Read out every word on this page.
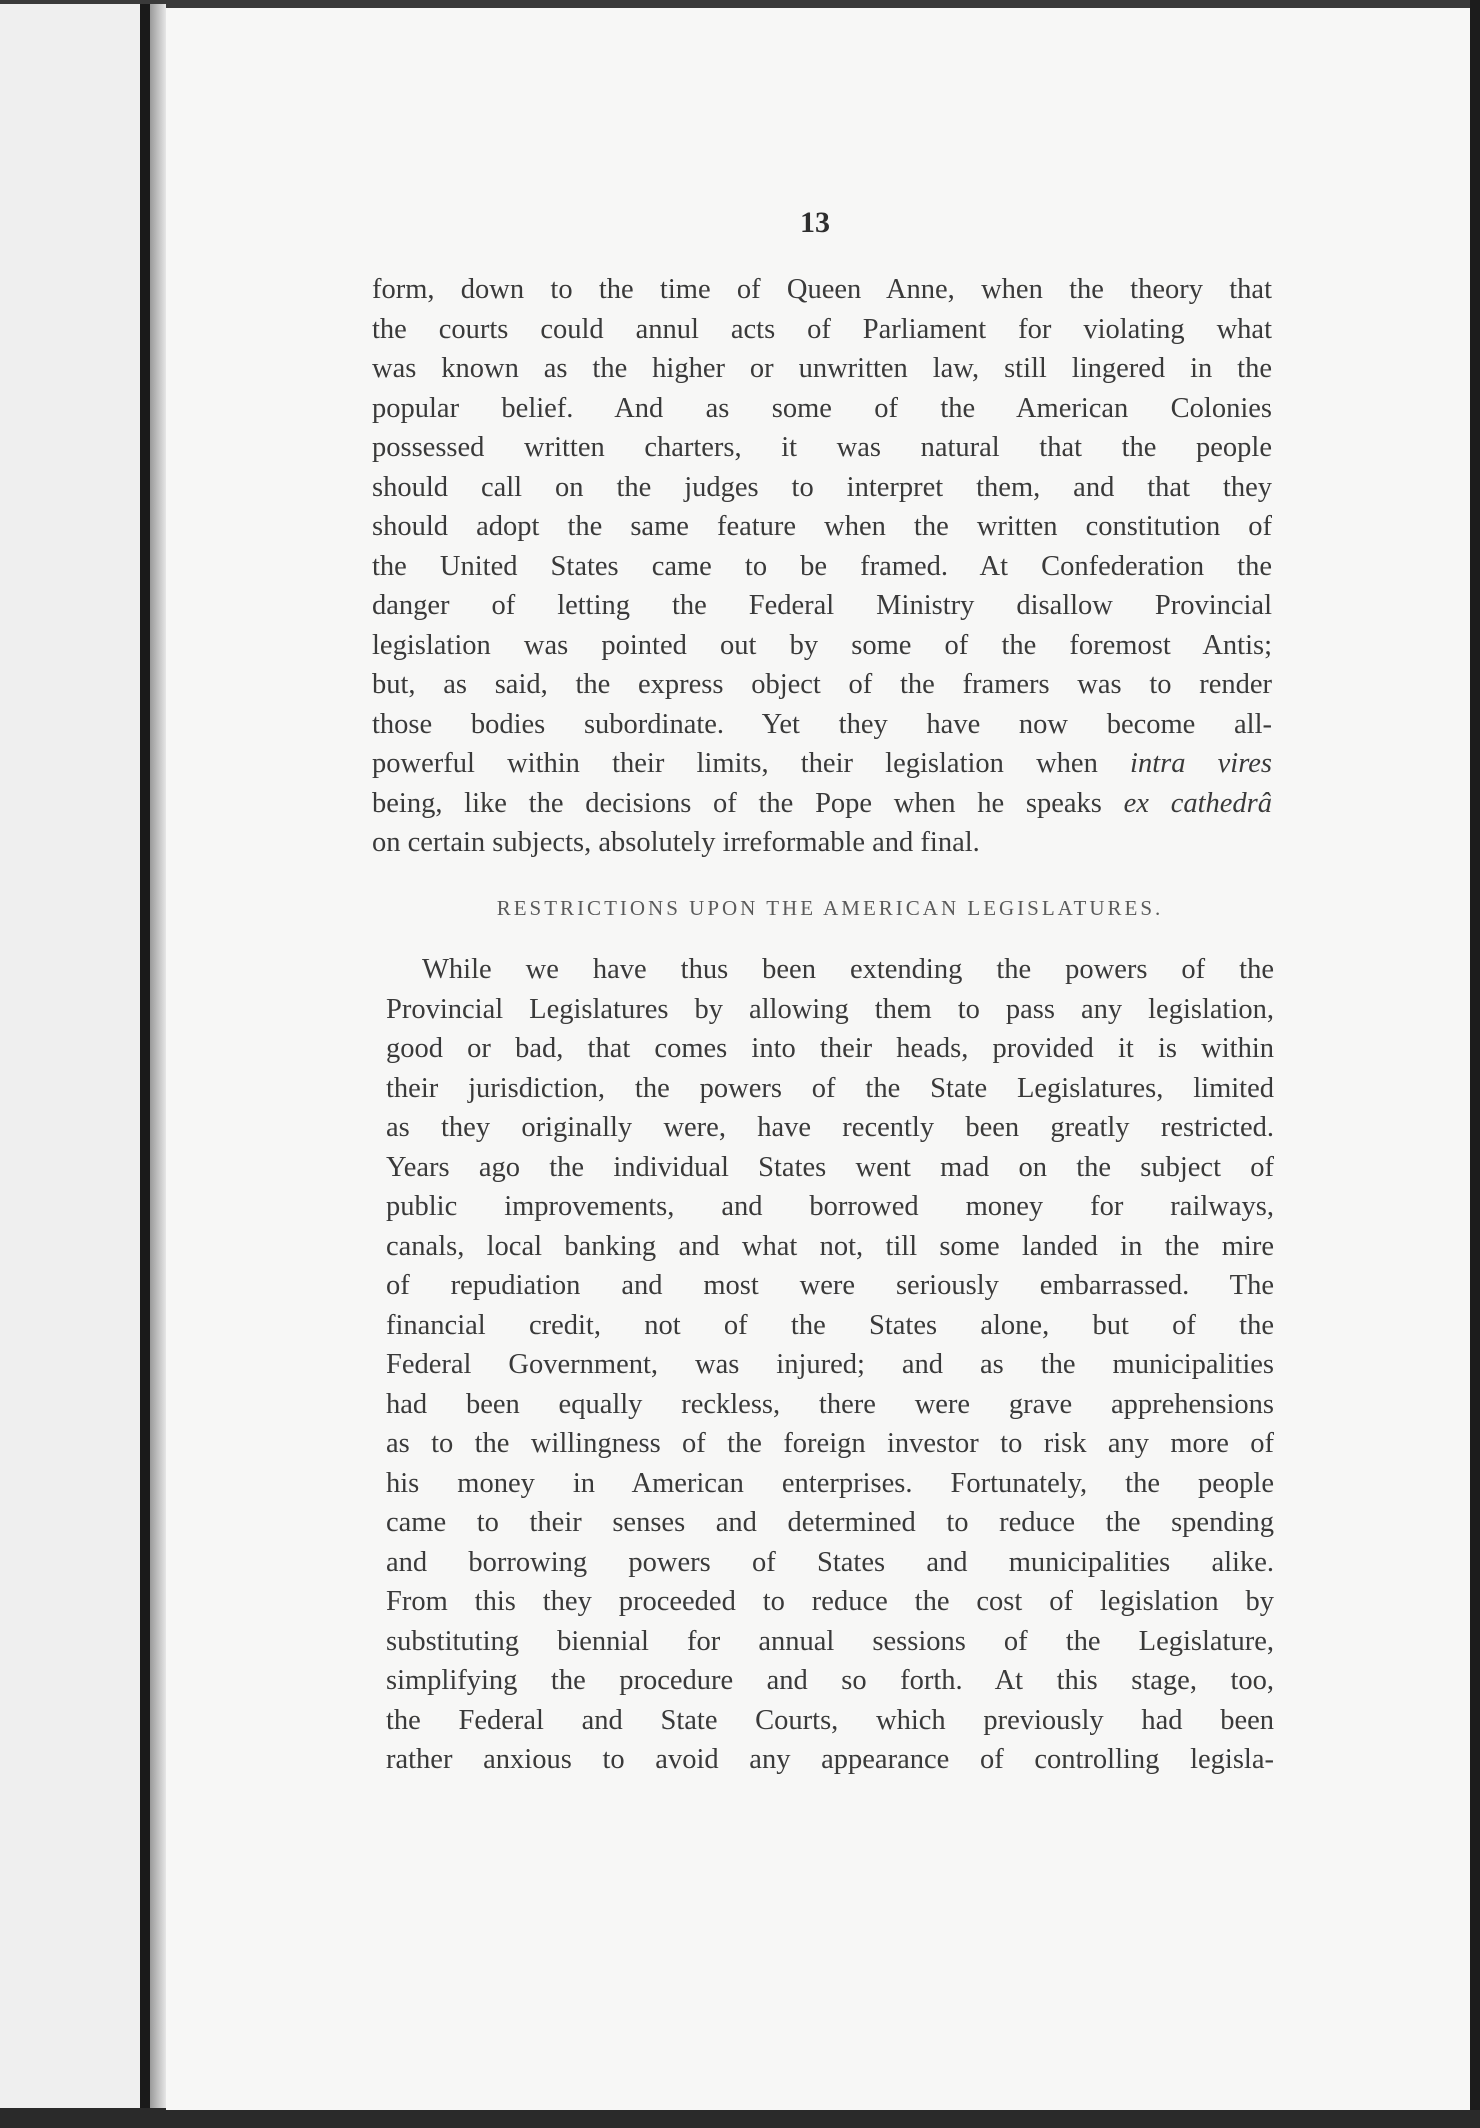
13
form, down to the time of Queen Anne, when the theory that
the courts could annul acts of Parliament for violating what
was known as the higher or unwritten law, still lingered in the
popular belief. And as some of the American Colonies
possessed written charters, it was natural that the people
should call on the judges to interpret them, and that they
should adopt the same feature when the written constitution of
the United States came to be framed. At Confederation the
danger of letting the Federal Ministry disallow Provincial
legislation was pointed out by some of the foremost Antis;
but, as said, the express object of the framers was to render
those bodies subordinate. Yet they have now become all-
powerful within their limits, their legislation when intra vires
being, like the decisions of the Pope when he speaks ex cathedrâ
on certain subjects, absolutely irreformable and final.
RESTRICTIONS UPON THE AMERICAN LEGISLATURES.
While we have thus been extending the powers of the
Provincial Legislatures by allowing them to pass any legislation,
good or bad, that comes into their heads, provided it is within
their jurisdiction, the powers of the State Legislatures, limited
as they originally were, have recently been greatly restricted.
Years ago the individual States went mad on the subject of
public improvements, and borrowed money for railways,
canals, local banking and what not, till some landed in the mire
of repudiation and most were seriously embarrassed. The
financial credit, not of the States alone, but of the
Federal Government, was injured; and as the municipalities
had been equally reckless, there were grave apprehensions
as to the willingness of the foreign investor to risk any more of
his money in American enterprises. Fortunately, the people
came to their senses and determined to reduce the spending
and borrowing powers of States and municipalities alike.
From this they proceeded to reduce the cost of legislation by
substituting biennial for annual sessions of the Legislature,
simplifying the procedure and so forth. At this stage, too,
the Federal and State Courts, which previously had been
rather anxious to avoid any appearance of controlling legisla-
